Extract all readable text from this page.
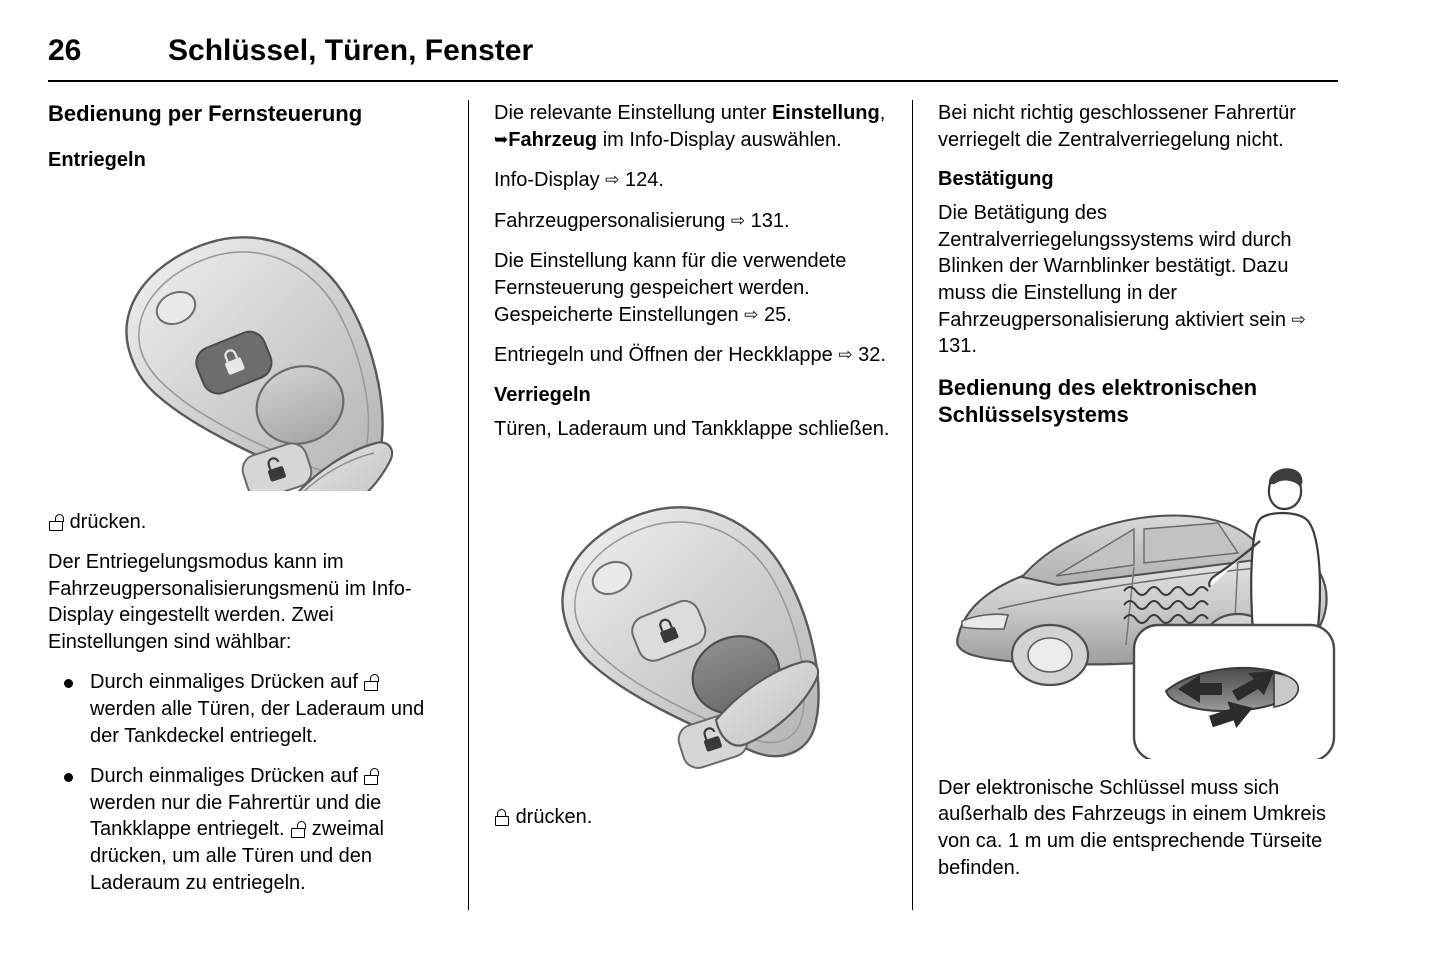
26	Schlüssel, Türen, Fenster
Bedienung per Fernsteuerung
Entriegeln

drücken.

Der Entriegelungsmodus kann im Fahrzeugpersonalisierungsmenü im Info-Display eingestellt werden. Zwei Einstellungen sind wählbar:

Durch einmaliges Drücken auf
werden alle Türen, der Laderaum und der Tankdeckel entriegelt.
Durch einmaliges Drücken auf
werden nur die Fahrertür und die Tankklappe entriegelt. zweimal drücken, um alle Türen und den Laderaum zu entriegeln.

Die relevante Einstellung unter Einstellung, ➥Fahrzeug im Info-Display auswählen.

Info-Display ⇨ 124.

Fahrzeugpersonalisierung ⇨ 131.

Die Einstellung kann für die verwendete Fernsteuerung gespeichert werden. Gespeicherte Einstellungen ⇨ 25.

Entriegeln und Öffnen der Heckklappe ⇨ 32.

Verriegeln

Türen, Laderaum und Tankklappe schließen.

drücken.

Bei nicht richtig geschlossener Fahrertür verriegelt die Zentralverriegelung nicht.

Bestätigung

Die Betätigung des Zentralverriegelungssystems wird durch Blinken der Warnblinker bestätigt. Dazu muss die Einstellung in der Fahrzeugpersonalisierung aktiviert sein ⇨ 131.

Bedienung des elektronischen Schlüsselsystems

Der elektronische Schlüssel muss sich außerhalb des Fahrzeugs in einem Umkreis von ca. 1 m um die entsprechende Türseite befinden.
